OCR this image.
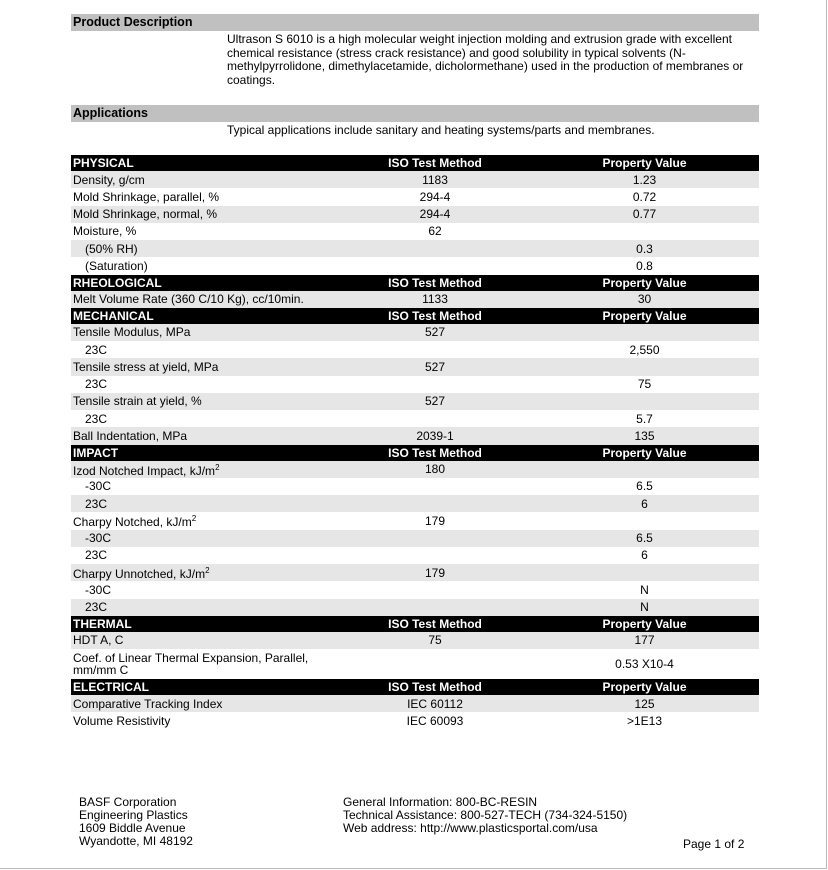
Product Description
Ultrason S 6010 is a high molecular weight injection molding and extrusion grade with excellent chemical resistance (stress crack resistance) and good solubility in typical solvents (N-methylpyrrolidone, dimethylacetamide, dicholormethane) used in the production of membranes or coatings.
Applications
Typical applications include sanitary and heating systems/parts and membranes.
PHYSICAL	ISO Test Method	Property Value
Density, g/cm	1183	1.23
Mold Shrinkage, parallel, %	294-4	0.72
Mold Shrinkage, normal, %	294-4	0.77
Moisture, %	62	
(50% RH)		0.3
(Saturation)		0.8
RHEOLOGICAL	ISO Test Method	Property Value
Melt Volume Rate (360 C/10 Kg), cc/10min.	1133	30
MECHANICAL	ISO Test Method	Property Value
Tensile Modulus, MPa	527	
23C		2,550
Tensile stress at yield, MPa	527	
23C		75
Tensile strain at yield, %	527	
23C		5.7
Ball Indentation, MPa	2039-1	135
IMPACT	ISO Test Method	Property Value
Izod Notched Impact, $kJ/m^2$	180	
-30C		6.5
23C		6
Charpy Notched, $kJ/m^2$	179	
-30C		6.5
23C		6
Charpy Unnotched, $kJ/m^2$	179	
-30C		N
23C		N
THERMAL	ISO Test Method	Property Value
HDT A, C	75	177
Coef. of Linear Thermal Expansion, Parallel, mm/mm C		0.53 X10-4
ELECTRICAL	ISO Test Method	Property Value
Comparative Tracking Index	IEC 60112	125
Volume Resistivity	IEC 60093	>1E13
BASF Corporation
Engineering Plastics
1609 Biddle Avenue
Wyandotte, MI 48192
General Information: 800-BC-RESIN
Technical Assistance: 800-527-TECH (734-324-5150)
Web address: http://www.plasticsportal.com/usa
Page 1 of 2
